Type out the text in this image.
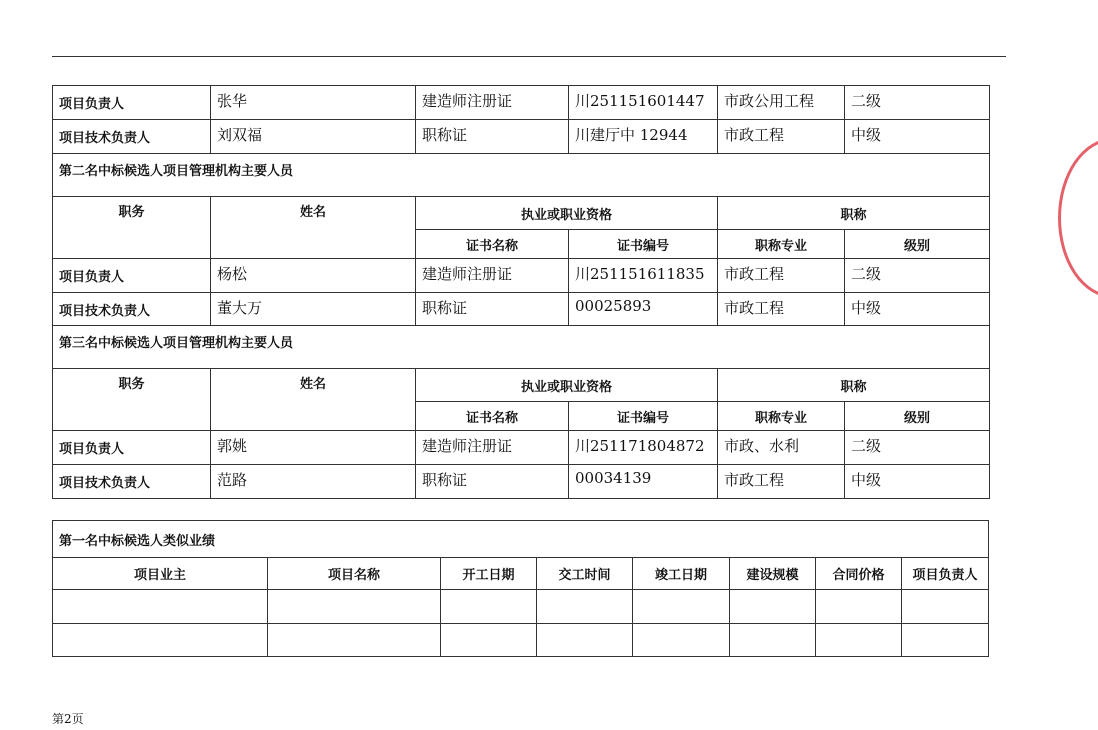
项目负责人	张华	建造师注册证	川251151601447	市政公用工程	二级
项目技术负责人	刘双福	职称证	川建厅中 12944	市政工程	中级
第二名中标候选人项目管理机构主要人员					
职务	姓名	执业或职业资格		职称	
		证书名称	证书编号	职称专业	级别
项目负责人	杨松	建造师注册证	川251151611835	市政工程	二级
项目技术负责人	董大万	职称证	00025893	市政工程	中级
第三名中标候选人项目管理机构主要人员					
职务	姓名	执业或职业资格		职称	
		证书名称	证书编号	职称专业	级别
项目负责人	郭姚	建造师注册证	川251171804872	市政、水利	二级
项目技术负责人	范路	职称证	00034139	市政工程	中级
第一名中标候选人类似业绩							
项目业主	项目名称	开工日期	交工时间	竣工日期	建设规模	合同价格	项目负责人

第2页
